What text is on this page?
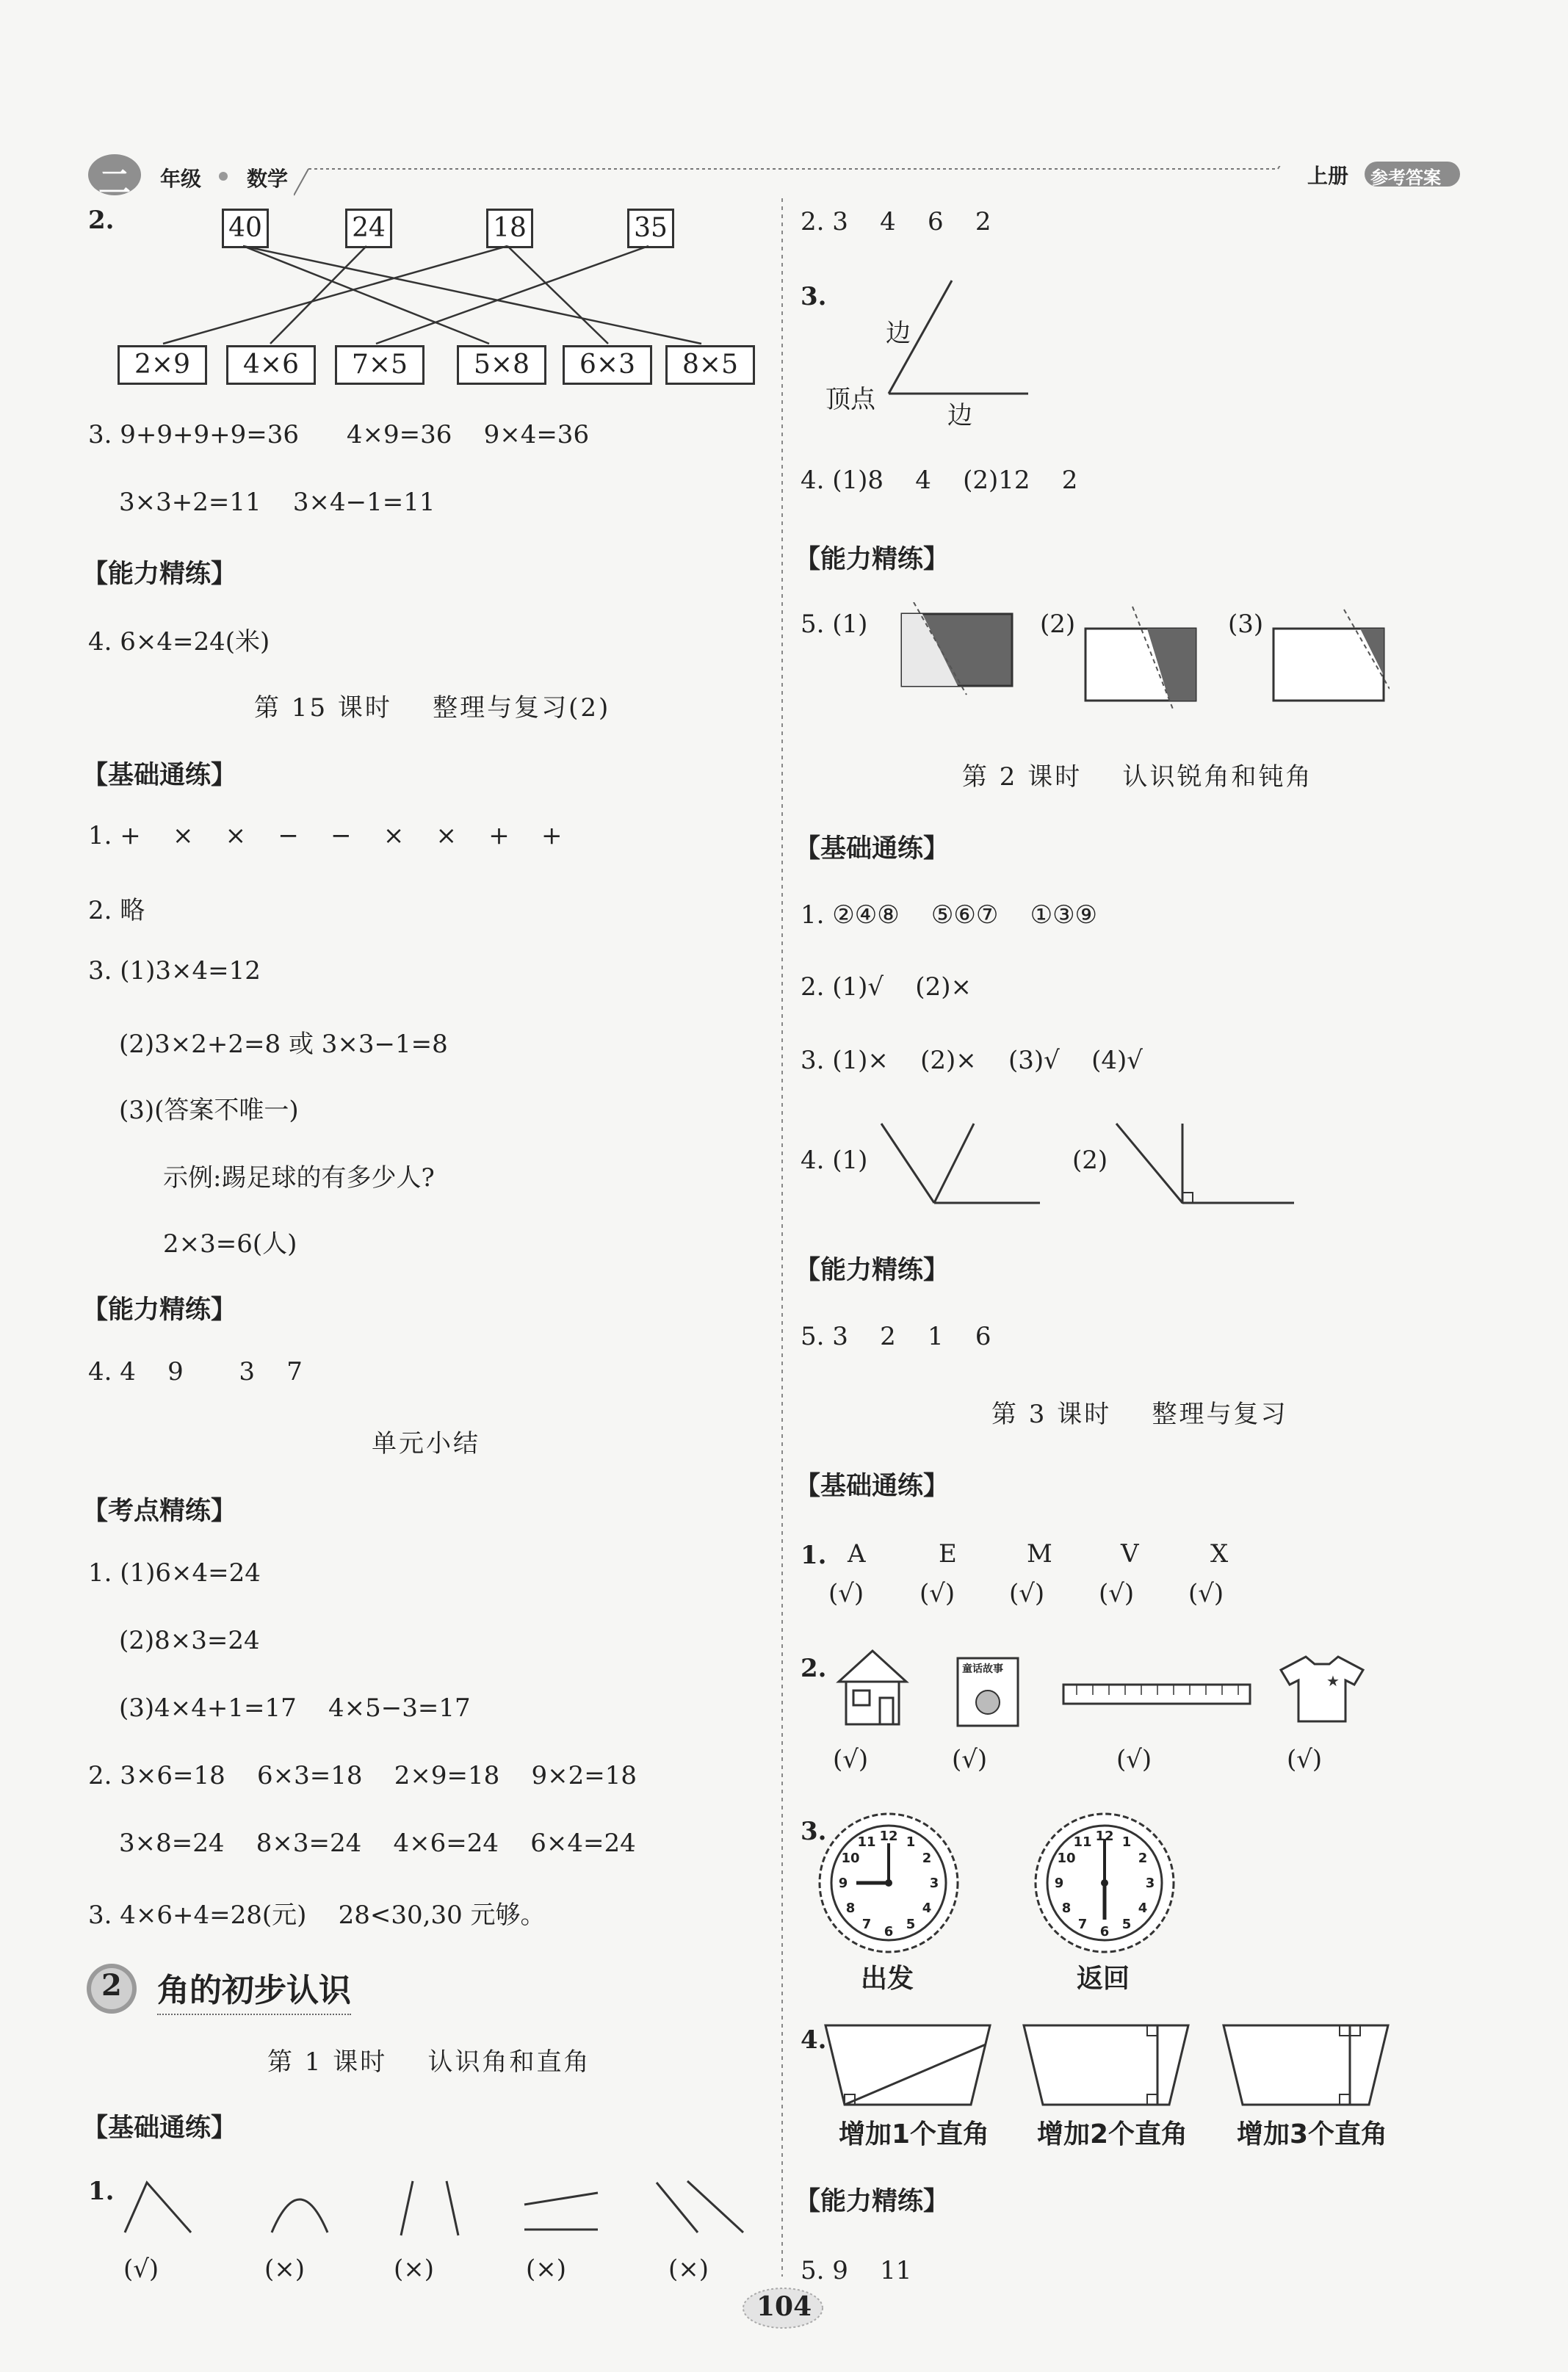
二 年级 数学	上册 参考答案
2.	40	24	18	35
2×9	4×6	7×5	5×8	6×3	8×5
3. 9+9+9+9=36      4×9=36    9×4=36
3×3+2=11    3×4−1=11
【能力精练】
4. 6×4=24(米)
第 15 课时    整理与复习(2)
【基础通练】
1. +    ×    ×    −    −    ×    ×    +    +
2. 略
3. (1)3×4=12
(2)3×2+2=8 或 3×3−1=8
(3)(答案不唯一)
示例:踢足球的有多少人?
2×3=6(人)
【能力精练】
4. 4    9       3    7
单元小结
【考点精练】
1. (1)6×4=24
(2)8×3=24
(3)4×4+1=17    4×5−3=17
2. 3×6=18    6×3=18    2×9=18    9×2=18
3×8=24    8×3=24    4×6=24    6×4=24
3. 4×6+4=28(元)    28<30,30 元够。
2 角的初步认识
第 1 课时    认识角和直角
【基础通练】
1.
(√)	(×)	(×)	(×)	(×)
2. 3    4    6    2
3.
边
顶点
边
4. (1)8    4    (2)12    2
【能力精练】
5. (1)	(2)	(3)
第 2 课时    认识锐角和钝角
【基础通练】
1. ②④⑧    ⑤⑥⑦    ①③⑨
2. (1)√    (2)×
3. (1)×    (2)×    (3)√    (4)√
4. (1)	(2)
【能力精练】
5. 3    2    1    6
第 3 课时    整理与复习
【基础通练】
1. A	E	M	V	X
(√) (√) (√) (√) (√)
2.	童话故事
★
(√)	(√)	(√)	(√)
3.	12 1
2
3
4
5
6
7
8
9
10
11
出发
12 1
2
3
4
5
6
7
8
9
10
11
返回
4.
增加1个直角 增加2个直角 增加3个直角
【能力精练】
5. 9    11
104
